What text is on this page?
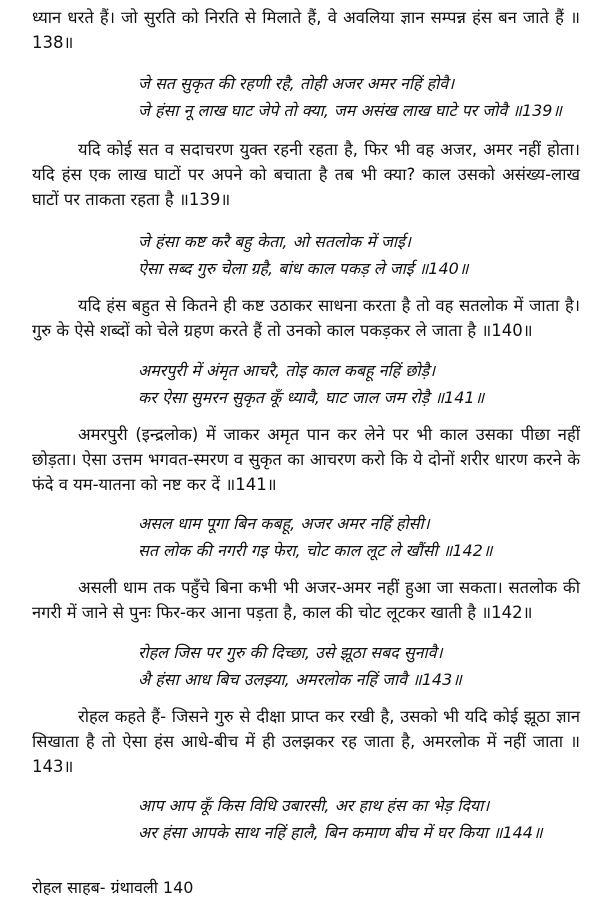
ध्यान धरते हैं। जो सुरति को निरति से मिलाते हैं, वे अवलिया ज्ञान सम्पन्न हंस बन जाते हैं ॥138॥

जे सत सुकृत की रहणी रहै, तोही अजर अमर नहिं होवै।
जे हंसा नू लाख घाट जेपे तो क्या, जम असंख लाख घाटे पर जोवै ॥139॥

यदि कोई सत व सदाचरण युक्त रहनी रहता है, फिर भी वह अजर, अमर नहीं होता। यदि हंस एक लाख घाटों पर अपने को बचाता है तब भी क्या? काल उसको असंख्य-लाख घाटों पर ताकता रहता है ॥139॥

जे हंसा कष्ट करै बहु केता, ओ सतलोक में जाई।
ऐसा सब्द गुरु चेला ग्रहै, बांध काल पकड़ ले जाई ॥140॥

यदि हंस बहुत से कितने ही कष्ट उठाकर साधना करता है तो वह सतलोक में जाता है। गुरु के ऐसे शब्दों को चेले ग्रहण करते हैं तो उनको काल पकड़कर ले जाता है ॥140॥

अमरपुरी में अंमृत आचरै, तोइ काल कबहू नहिं छोड़ै।
कर ऐसा सुमरन सुकृत कूँ ध्यावै, घाट जाल जम रोड़ै ॥141॥

अमरपुरी (इन्द्रलोक) में जाकर अमृत पान कर लेने पर भी काल उसका पीछा नहीं छोड़ता। ऐसा उत्तम भगवत-स्मरण व सुकृत का आचरण करो कि ये दोनों शरीर धारण करने के फंदे व यम-यातना को नष्ट कर दें ॥141॥

असल धाम पूगा बिन कबहू, अजर अमर नहिं होसी।
सत लोक की नगरी गइ फेरा, चोट काल लूट ले खौंसी ॥142॥

असली धाम तक पहुँचे बिना कभी भी अजर-अमर नहीं हुआ जा सकता। सतलोक की नगरी में जाने से पुनः फिर-कर आना पड़ता है, काल की चोट लूटकर खाती है ॥142॥

रोहल जिस पर गुरु की दिच्छा, उसे झूठा सबद सुनावै।
अै हंसा आध बिच उलझ्या, अमरलोक नहिं जावै ॥143॥

रोहल कहते हैं- जिसने गुरु से दीक्षा प्राप्त कर रखी है, उसको भी यदि कोई झूठा ज्ञान सिखाता है तो ऐसा हंस आधे-बीच में ही उलझकर रह जाता है, अमरलोक में नहीं जाता ॥143॥

आप आप कूँ किस विधि उबारसी, अर हाथ हंस का भेड़ दिया।
अर हंसा आपके साथ नहिं हालै, बिन कमाण बीच में घर किया ॥144॥
रोहल साहब- ग्रंथावली 140
